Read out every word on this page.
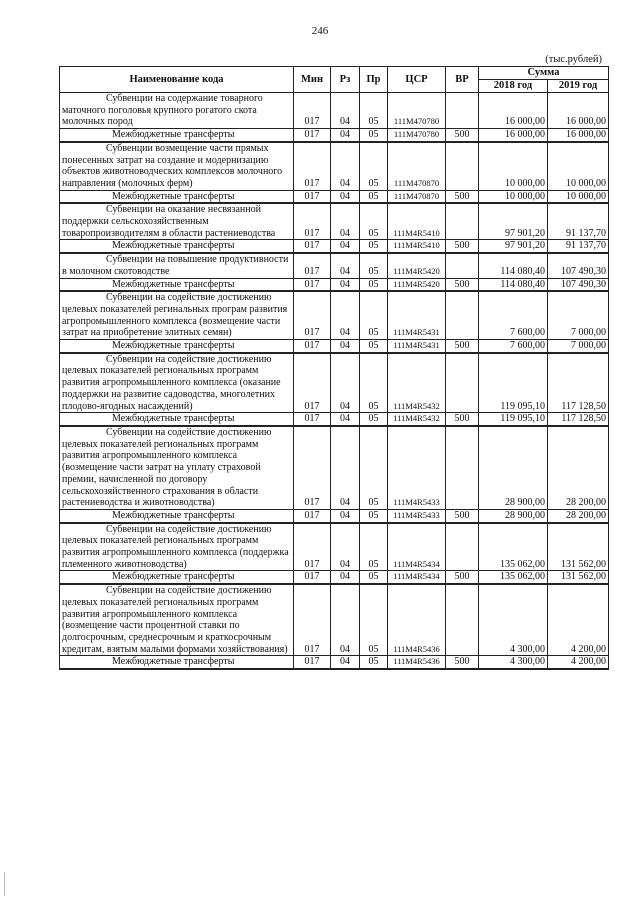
246
(тыс.рублей)
Наименование кода	Мин	Рз	Пр	ЦСР	ВР	Сумма	
						2018 год	2019 год
Субвенции на содержание товарного маточного поголовья крупного рогатого скота молочных пород	017	04	05	111M470780		16 000,00	16 000,00
Межбюджетные трансферты	017	04	05	111M470780	500	16 000,00	16 000,00
Субвенции возмещение части прямых понесенных затрат на создание и модернизацию объектов животноводческих комплексов молочного направления (молочных ферм)	017	04	05	111M470870		10 000,00	10 000,00
Межбюджетные трансферты	017	04	05	111M470870	500	10 000,00	10 000,00
Субвенции на оказание несвязанной поддержки сельскохозяйственным товаропроизводителям в области растениеводства	017	04	05	111M4R5410		97 901,20	91 137,70
Межбюджетные трансферты	017	04	05	111M4R5410	500	97 901,20	91 137,70
Субвенции на повышение продуктивности в молочном скотоводстве	017	04	05	111M4R5420		114 080,40	107 490,30
Межбюджетные трансферты	017	04	05	111M4R5420	500	114 080,40	107 490,30
Субвенции на содействие достижению целевых показателей регинальных програм развития агропромышленного комплекса (возмещение части затрат на приобретение элитных семян)	017	04	05	111M4R5431		7 600,00	7 000,00
Межбюджетные трансферты	017	04	05	111M4R5431	500	7 600,00	7 000,00
Субвенции на содействие достижению целевых показателей региональных программ развития агропромышленного комплекса (оказание поддержки на развитие садоводства, многолетних плодово-ягодных насаждений)	017	04	05	111M4R5432		119 095,10	117 128,50
Межбюджетные трансферты	017	04	05	111M4R5432	500	119 095,10	117 128,50
Субвенции на содействие достижению целевых показателей региональных программ развития агропромышленного комплекса (возмещение части затрат на уплату страховой премии, начисленной по договору сельскохозяйственного страхования в области растениеводства и животноводства)	017	04	05	111M4R5433		28 900,00	28 200,00
Межбюджетные трансферты	017	04	05	111M4R5433	500	28 900,00	28 200,00
Субвенции на содействие достижению целевых показателей региональных программ развития агропромышленного комплекса (поддержка племенного животноводства)	017	04	05	111M4R5434		135 062,00	131 562,00
Межбюджетные трансферты	017	04	05	111M4R5434	500	135 062,00	131 562,00
Субвенции на содействие достижению целевых показателей региональных программ развития агропромышленного комплекса (возмещение части процентной ставки по долгосрочным, среднесрочным и краткосрочным кредитам, взятым малыми формами хозяйствования)	017	04	05	111M4R5436		4 300,00	4 200,00
Межбюджетные трансферты	017	04	05	111M4R5436	500	4 300,00	4 200,00
